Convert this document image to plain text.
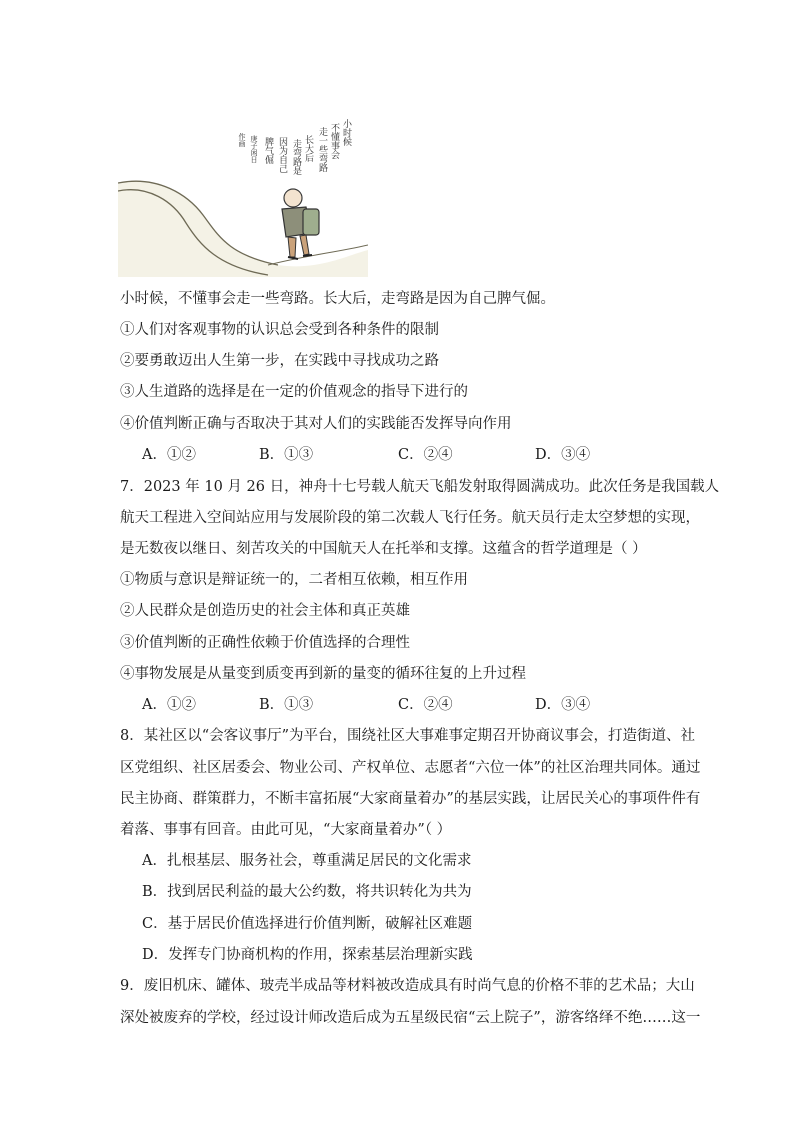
小时候
不懂事会
走一些弯路
长大后
走弯路是
因为自己
脾气倔
庚子闲日
作画
小时候，不懂事会走一些弯路。长大后，走弯路是因为自己脾气倔。
①人们对客观事物的认识总会受到各种条件的限制
②要勇敢迈出人生第一步，在实践中寻找成功之路
③人生道路的选择是在一定的价值观念的指导下进行的
④价值判断正确与否取决于其对人们的实践能否发挥导向作用
A．①②	B．①③	C．②④	D．③④
7．2023 年 10 月 26 日，神舟十七号载人航天飞船发射取得圆满成功。此次任务是我国载人
航天工程进入空间站应用与发展阶段的第二次载人飞行任务。航天员行走太空梦想的实现，
是无数夜以继日、刻苦攻关的中国航天人在托举和支撑。这蕴含的哲学道理是（ ）
①物质与意识是辩证统一的，二者相互依赖，相互作用
②人民群众是创造历史的社会主体和真正英雄
③价值判断的正确性依赖于价值选择的合理性
④事物发展是从量变到质变再到新的量变的循环往复的上升过程
A．①②	B．①③	C．②④	D．③④
8．某社区以“会客议事厅”为平台，围绕社区大事难事定期召开协商议事会，打造街道、社
区党组织、社区居委会、物业公司、产权单位、志愿者“六位一体”的社区治理共同体。通过
民主协商、群策群力，不断丰富拓展“大家商量着办”的基层实践，让居民关心的事项件件有
着落、事事有回音。由此可见，“大家商量着办”（ ）
A．扎根基层、服务社会，尊重满足居民的文化需求
B．找到居民利益的最大公约数，将共识转化为共为
C．基于居民价值选择进行价值判断，破解社区难题
D．发挥专门协商机构的作用，探索基层治理新实践
9．废旧机床、罐体、玻壳半成品等材料被改造成具有时尚气息的价格不菲的艺术品；大山
深处被废弃的学校，经过设计师改造后成为五星级民宿“云上院子”，游客络绎不绝……这一
